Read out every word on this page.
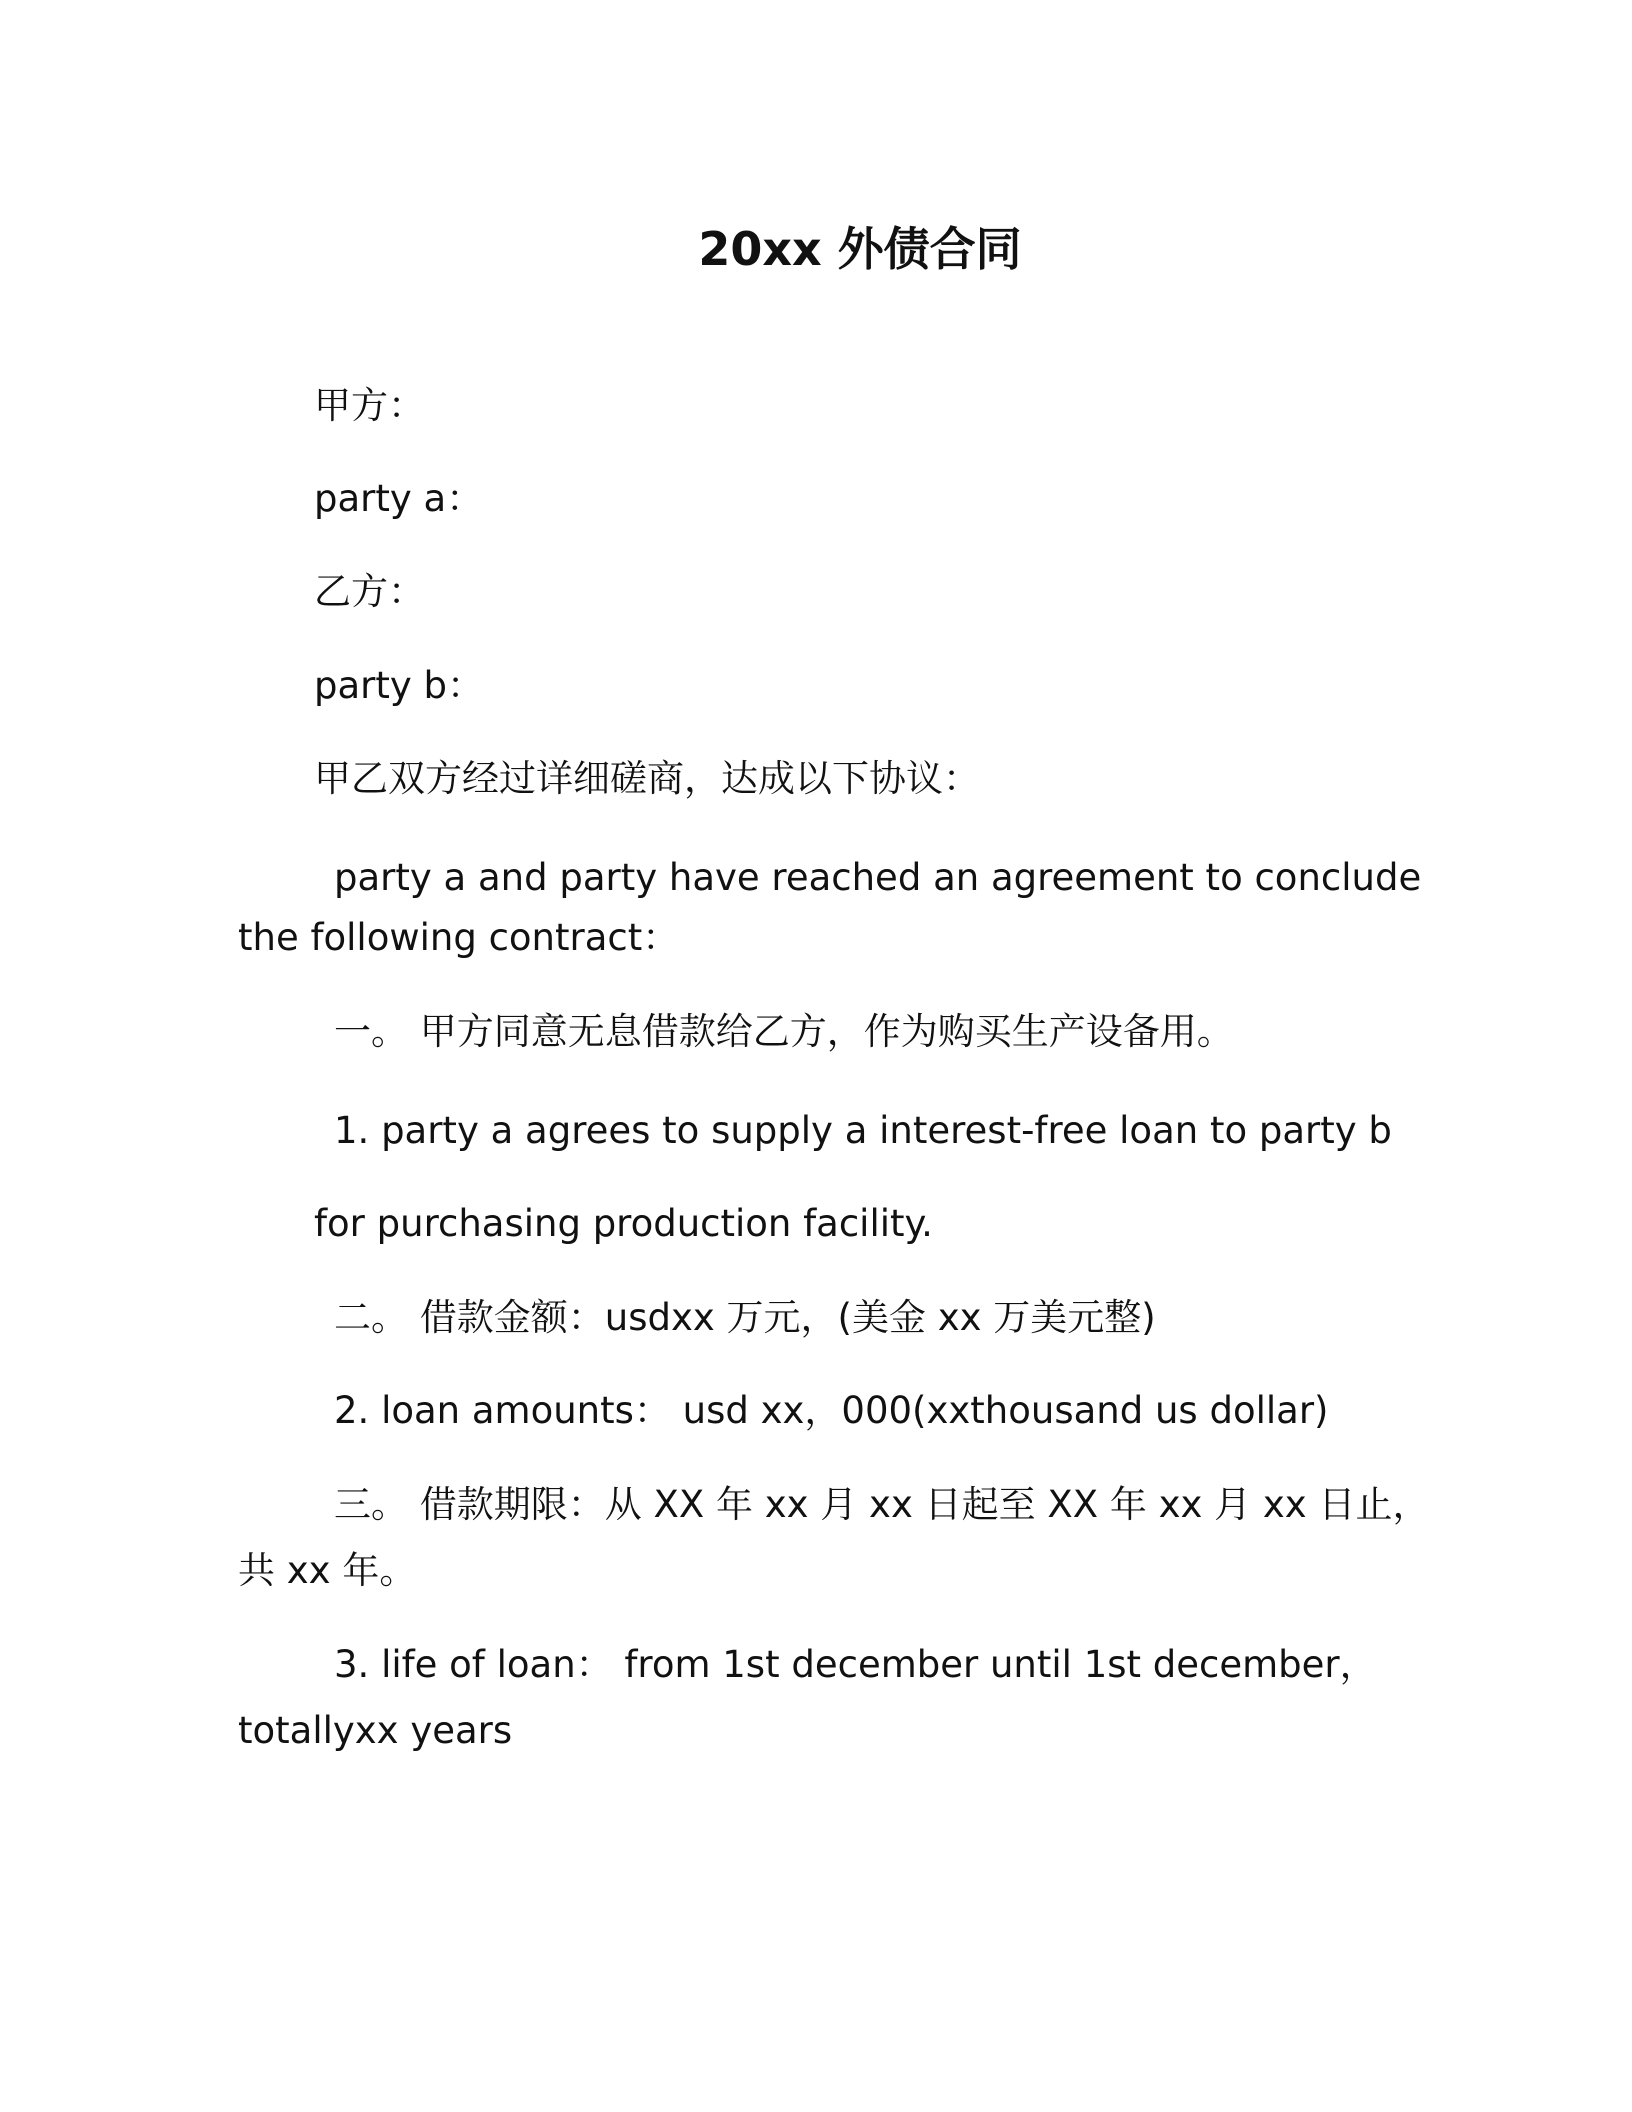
20xx 外债合同
甲方：
party a：
乙方：
party b：
甲乙双方经过详细磋商，达成以下协议：
party a and party have reached an agreement to conclude
the following contract：
一。 甲方同意无息借款给乙方，作为购买生产设备用。
1. party a agrees to supply a interest-free loan to party b
for purchasing production facility.
二。 借款金额：usdxx 万元，(美金 xx 万美元整)
2. loan amounts： usd xx，000(xxthousand us dollar)
三。 借款期限：从 XX 年 xx 月 xx 日起至 XX 年 xx 月 xx 日止，
共 xx 年。
3. life of loan： from 1st december until 1st december，
totallyxx years
